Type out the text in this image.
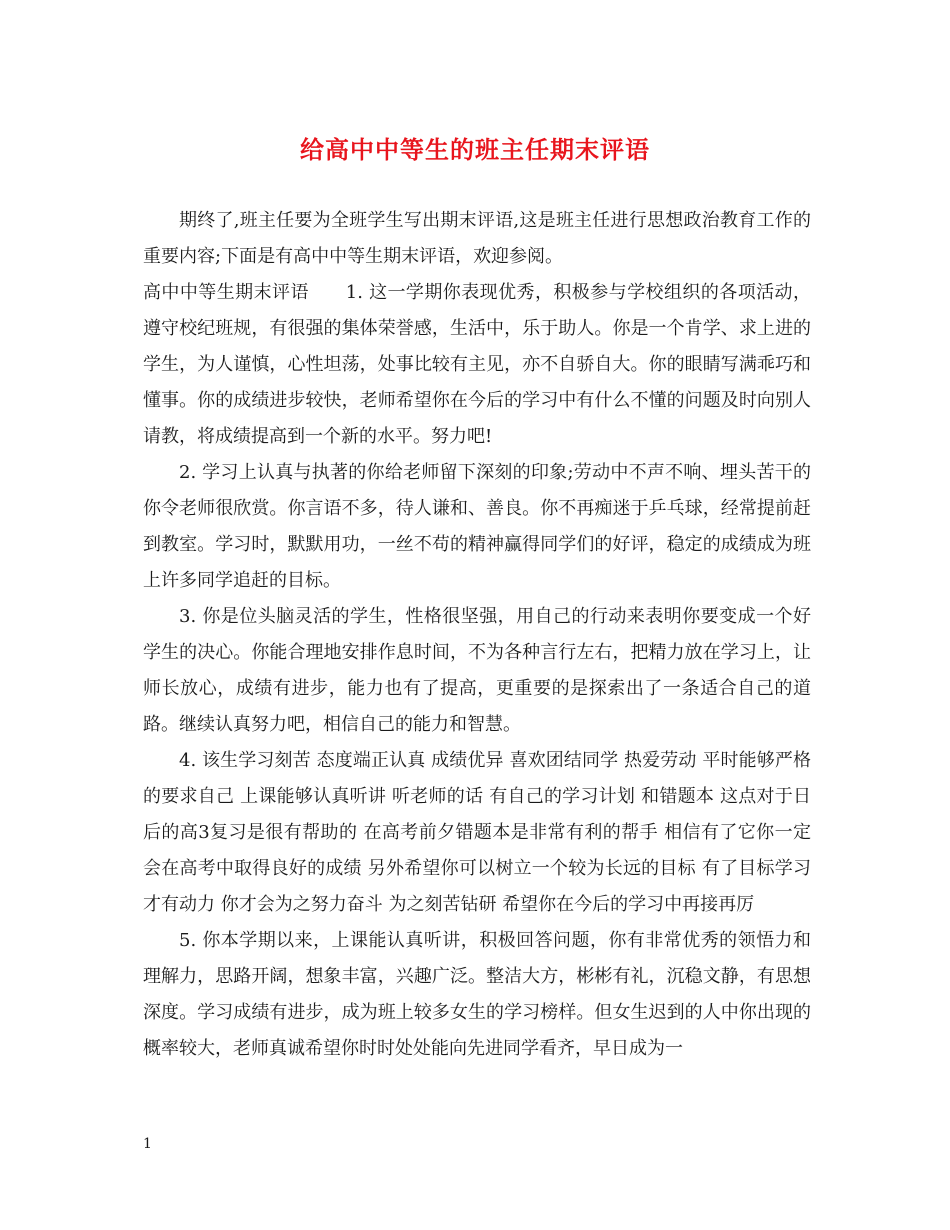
给高中中等生的班主任期末评语

期终了,班主任要为全班学生写出期末评语,这是班主任进行思想政治教育工作的重要内容;下面是有高中中等生期末评语，欢迎参阅。

高中中等生期末评语　　1. 这一学期你表现优秀，积极参与学校组织的各项活动，遵守校纪班规，有很强的集体荣誉感，生活中，乐于助人。你是一个肯学、求上进的学生，为人谨慎，心性坦荡，处事比较有主见，亦不自骄自大。你的眼睛写满乖巧和懂事。你的成绩进步较快，老师希望你在今后的学习中有什么不懂的问题及时向别人请教，将成绩提高到一个新的水平。努力吧!

2. 学习上认真与执著的你给老师留下深刻的印象;劳动中不声不响、埋头苦干的你令老师很欣赏。你言语不多，待人谦和、善良。你不再痴迷于乒乓球，经常提前赶到教室。学习时，默默用功，一丝不苟的精神赢得同学们的好评，稳定的成绩成为班上许多同学追赶的目标。

3. 你是位头脑灵活的学生，性格很坚强，用自己的行动来表明你要变成一个好学生的决心。你能合理地安排作息时间，不为各种言行左右，把精力放在学习上，让师长放心，成绩有进步，能力也有了提高，更重要的是探索出了一条适合自己的道路。继续认真努力吧，相信自己的能力和智慧。

4. 该生学习刻苦 态度端正认真 成绩优异 喜欢团结同学 热爱劳动 平时能够严格的要求自己 上课能够认真听讲 听老师的话 有自己的学习计划 和错题本 这点对于日后的高3复习是很有帮助的 在高考前夕错题本是非常有利的帮手 相信有了它你一定会在高考中取得良好的成绩 另外希望你可以树立一个较为长远的目标 有了目标学习才有动力 你才会为之努力奋斗 为之刻苦钻研 希望你在今后的学习中再接再厉

5. 你本学期以来，上课能认真听讲，积极回答问题，你有非常优秀的领悟力和理解力，思路开阔，想象丰富，兴趣广泛。整洁大方，彬彬有礼，沉稳文静，有思想深度。学习成绩有进步，成为班上较多女生的学习榜样。但女生迟到的人中你出现的概率较大，老师真诚希望你时时处处能向先进同学看齐，早日成为一

1
